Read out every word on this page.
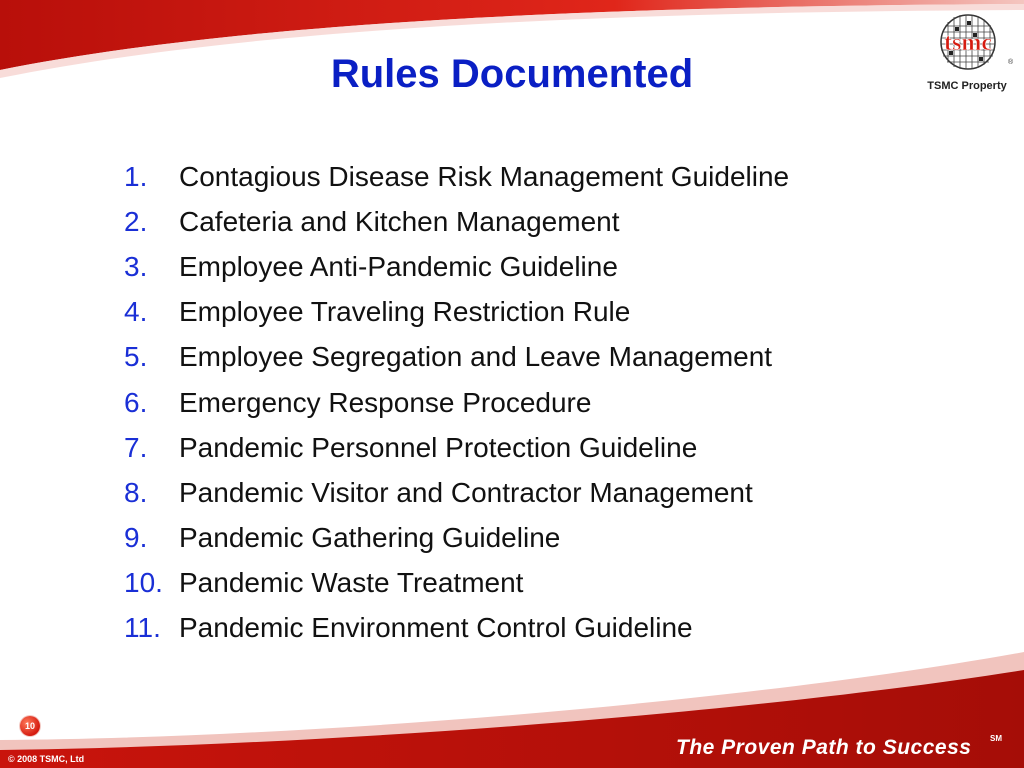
Rules Documented
1.	Contagious Disease Risk Management Guideline
2.	Cafeteria and Kitchen Management
3.	Employee Anti-Pandemic Guideline
4.	Employee Traveling Restriction Rule
5.	Employee Segregation and Leave Management
6.	Emergency Response Procedure
7.	Pandemic Personnel Protection Guideline
8.	Pandemic Visitor and Contractor Management
9.	Pandemic Gathering Guideline
10. Pandemic Waste Treatment
11. Pandemic Environment Control Guideline
tsmc
®
TSMC Property
10
The Proven Path to Success SM
© 2008 TSMC, Ltd
